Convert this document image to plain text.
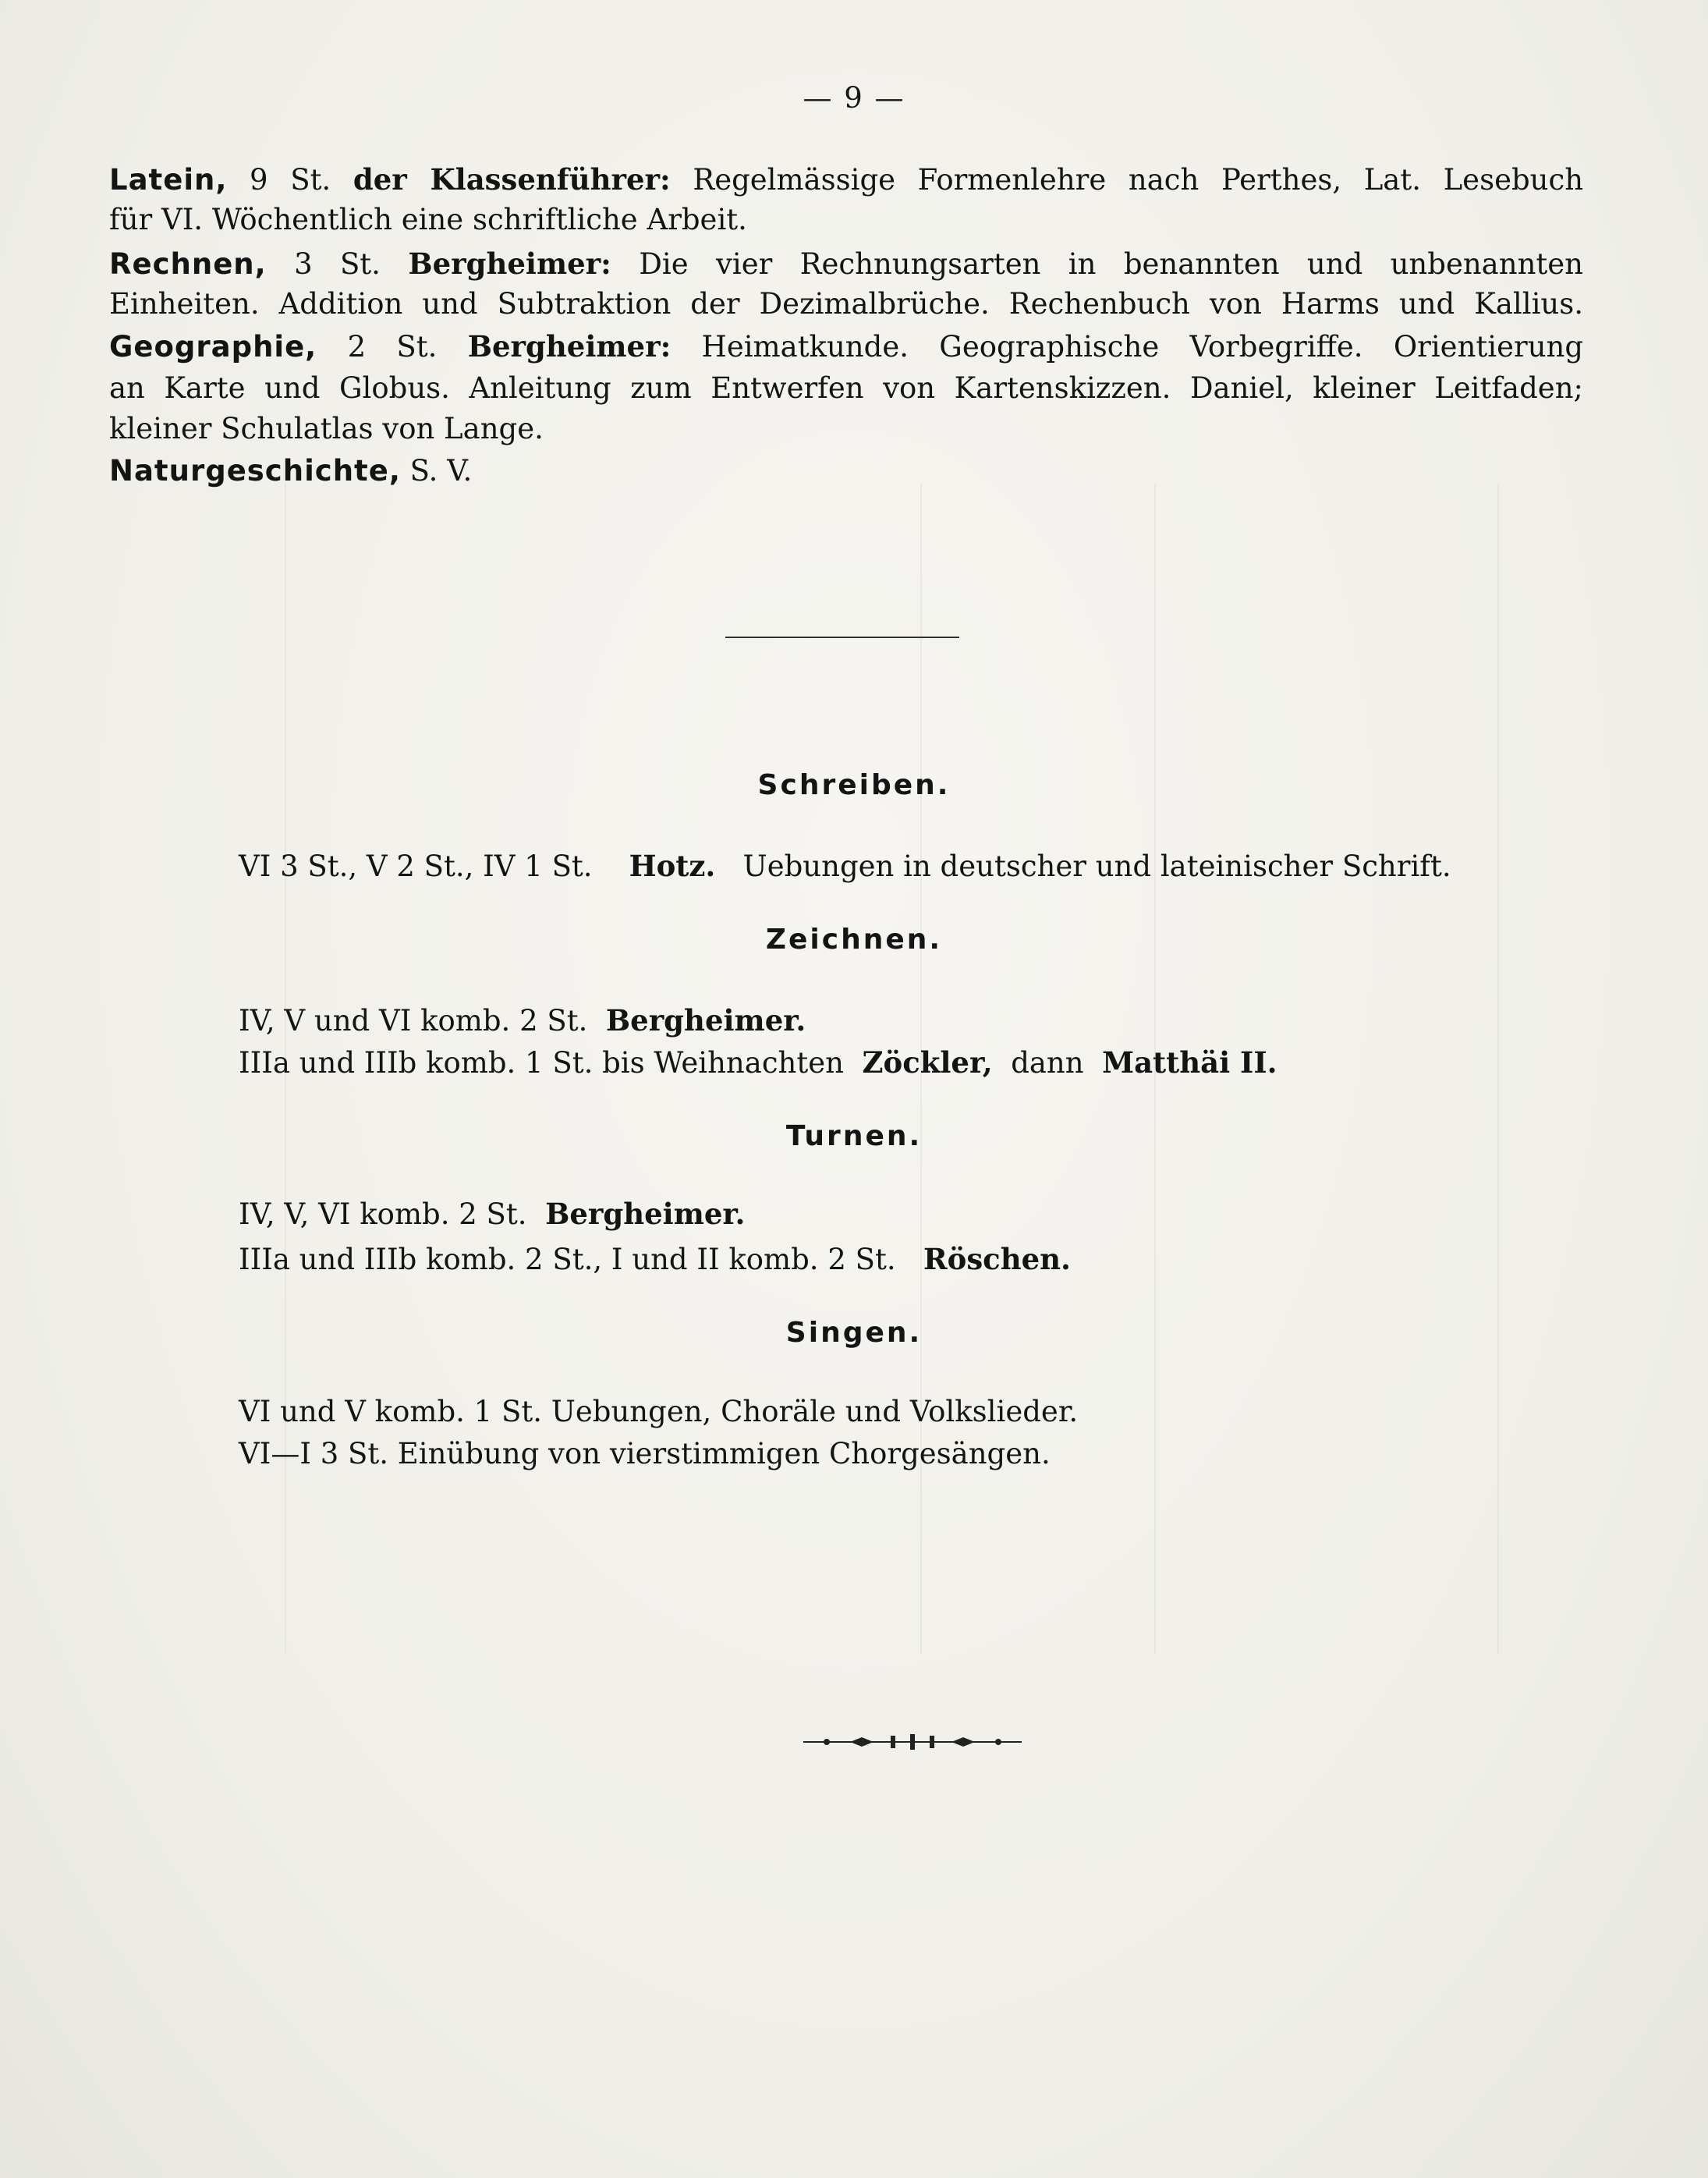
— 9 —
Latein, 9 St. der Klassenführer: Regelmässige Formenlehre nach Perthes, Lat. Lesebuch
für VI. Wöchentlich eine schriftliche Arbeit.
Rechnen, 3 St. Bergheimer: Die vier Rechnungsarten in benannten und unbenannten
Einheiten. Addition und Subtraktion der Dezimalbrüche. Rechenbuch von Harms und Kallius.
Geographie, 2 St. Bergheimer: Heimatkunde. Geographische Vorbegriffe. Orientierung
an Karte und Globus. Anleitung zum Entwerfen von Kartenskizzen. Daniel, kleiner Leitfaden;
kleiner Schulatlas von Lange.
Naturgeschichte, S. V.
Schreiben.
VI 3 St., V 2 St., IV 1 St. Hotz. Uebungen in deutscher und lateinischer Schrift.
Zeichnen.
IV, V und VI komb. 2 St. Bergheimer.
IIIa und IIIb komb. 1 St. bis Weihnachten Zöckler, dann Matthäi II.
Turnen.
IV, V, VI komb. 2 St. Bergheimer.
IIIa und IIIb komb. 2 St., I und II komb. 2 St. Röschen.
Singen.
VI und V komb. 1 St. Uebungen, Choräle und Volkslieder.
VI—I 3 St. Einübung von vierstimmigen Chorgesängen.
